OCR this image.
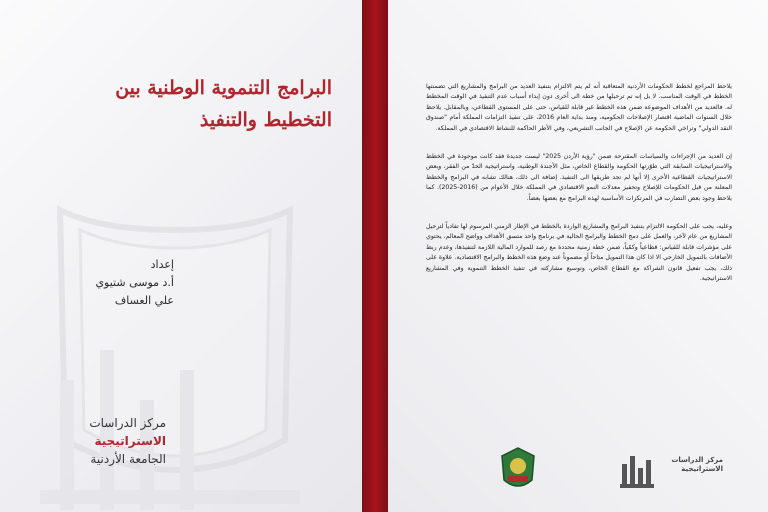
البرامج التنموية الوطنية بين
التخطيط والتنفيذ
إعداد
أ.د موسى شتيوي
علي العساف
مركز الدراسات الاستراتيجية
الجامعة الأردنية

يلاحظ المراجع لخطط الحكومات الأردنية المتعاقبة أنه لم يتم الالتزام بتنفيذ العديد من البرامج والمشاريع التي تضمنتها الخطط في الوقت المناسب. لا بل إنه تم ترحيلها من خطة الى أخرى دون إبداء أسباب عدم التنفيذ في الوقت المخطط له. فالعديد من الأهداف الموضوعة ضمن هذه الخطط غير قابلة للقياس، حتى على المستوى القطاعي، وبالمقابل. يلاحظ خلال السنوات الماضية اقتصار الإصلاحات الحكومية، ومنذ بداية العام 2016، على تنفيذ التزامات المملكة أمام "صندوق النقد الدولي" وتراخي الحكومة عن الإصلاح في الجانب التشريعي، وفي الأطر الحاكمة للنشاط الاقتصادي في المملكة.

إن العديد من الإجراءات والسياسات المقترحة ضمن "رؤية الأردن 2025" ليست جديدة فقد كانت موجودة في الخطط والاستراتيجيات السابقة التي طوّرتها الحكومة والقطاع الخاص، مثل الأجندة الوطنية، واستراتيجية الحدّ من الفقر، وبعض الاستراتيجيات القطاعية الأخرى إلا أنها لم تجد طريقها الى التنفيذ. إضافة الى ذلك، هنالك تشابه في البرامج والخطط المعلنة من قبل الحكومات للإصلاح وتحفيز معدلات النمو الاقتصادي في المملكة خلال الأعوام من (2016-2025). كما يلاحظ وجود بعض التضارب في المرتكزات الأساسية لهذه البرامج مع بعضها بعضاً.

وعليه، يجب على الحكومة الالتزام بتنفيذ البرامج والمشاريع الواردة بالخطط في الإطار الزمني المرسوم لها تفادياً لترحيل المشاريع من عام لآخر، والعمل على دمج الخطط والبرامج الحالية في برنامج واحد متسق الأهداف وواضح المعالم، يحتوي على مؤشرات قابلة للقياس: قطاعياً وكمّياً، ضمن خطة زمنية محددة مع رصد للموارد المالية اللازمة لتنفيذها، وعدم ربط الأضافات بالتمويل الخارجي الا اذا كان هذا التمويل متاحاً أو مضموناً عند وضع هذه الخطط والبرامج الاقتصادية. علاوة على ذلك، يجب تفعيل قانون الشراكة مع القطاع الخاص، وتوسيع مشاركته في تنفيذ الخطط التنموية وفي المشاريع الاستراتيجية.

مركز الدراسات
الاستراتيجية
